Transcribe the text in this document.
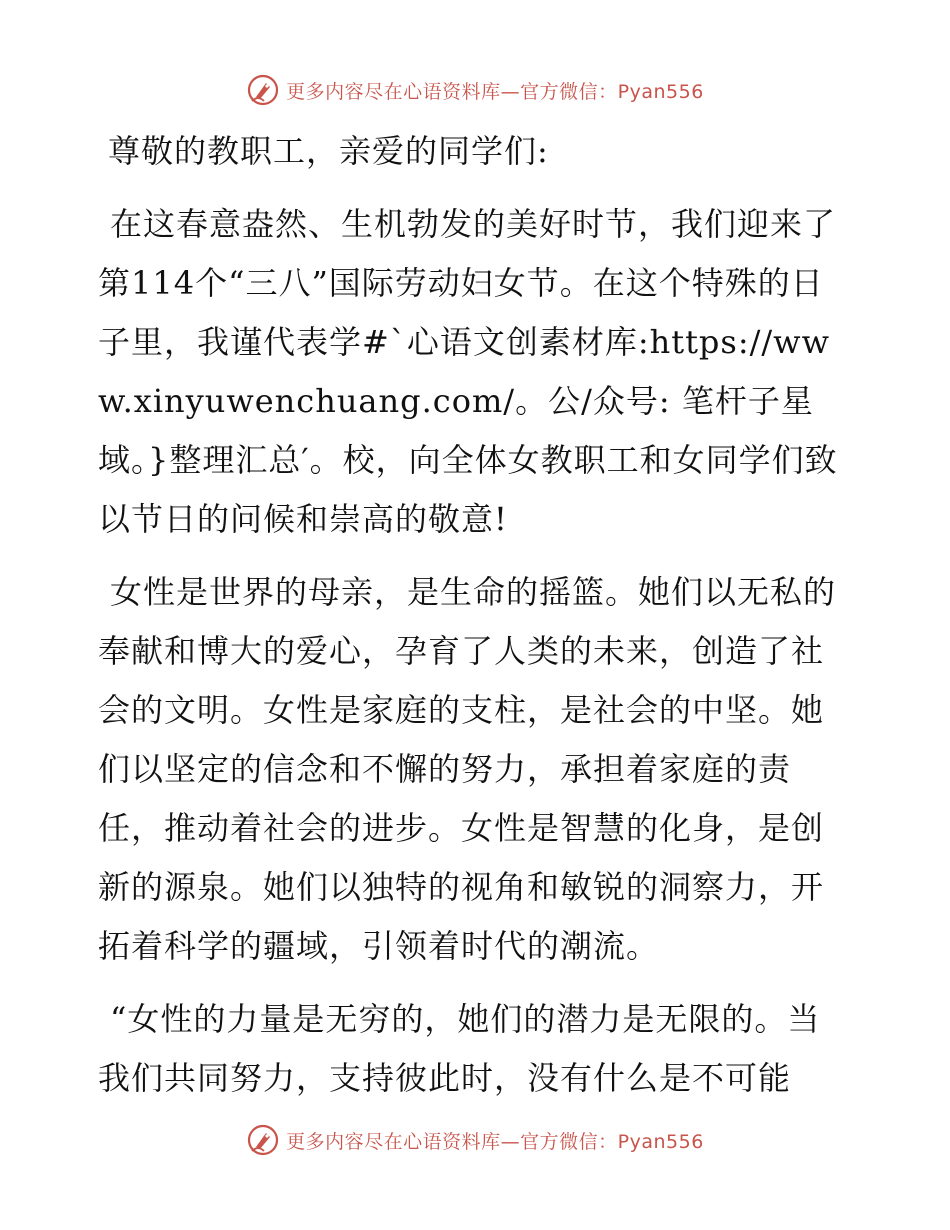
更多内容尽在心语资料库—官方微信：Pyan556

尊敬的教职工，亲爱的同学们:

在这春意盎然、生机勃发的美好时节，我们迎来了第114个“三八”国际劳动妇女节。在这个特殊的日子里，我谨代表学#`心语文创素材库:https://www.xinyuwenchuang.com/。公/众号: 笔杆子星域。}整理汇总′。校，向全体女教职工和女同学们致以节日的问候和崇高的敬意!

女性是世界的母亲，是生命的摇篮。她们以无私的奉献和博大的爱心，孕育了人类的未来，创造了社会的文明。女性是家庭的支柱，是社会的中坚。她们以坚定的信念和不懈的努力，承担着家庭的责任，推动着社会的进步。女性是智慧的化身，是创新的源泉。她们以独特的视角和敏锐的洞察力，开拓着科学的疆域，引领着时代的潮流。

“女性的力量是无穷的，她们的潜力是无限的。当我们共同努力，支持彼此时，没有什么是不可能

更多内容尽在心语资料库—官方微信：Pyan556
